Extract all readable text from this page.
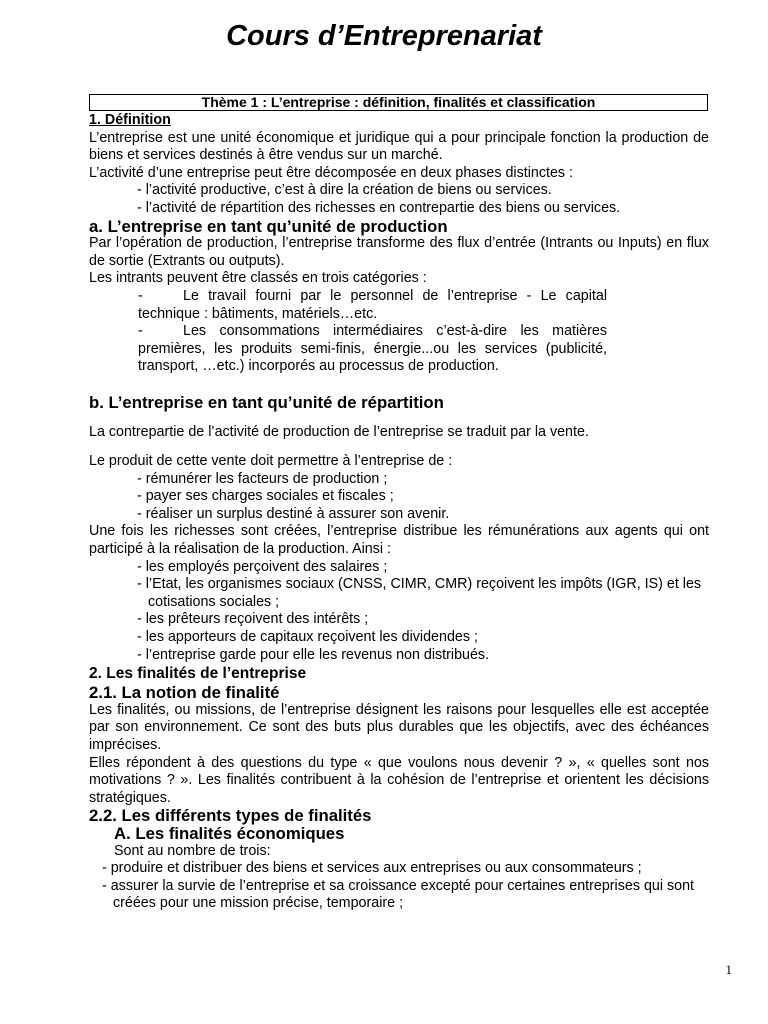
Cours d’Entreprenariat
Thème 1 : L’entreprise : définition, finalités et classification
1. Définition

L’entreprise est une unité économique et juridique qui a pour principale fonction la production de biens et services destinés à être vendus sur un marché.

L’activité d’une entreprise peut être décomposée en deux phases distinctes :

- l’activité productive, c’est à dire la création de biens ou services.
- l’activité de répartition des richesses en contrepartie des biens ou services.
a. L’entreprise en tant qu’unité de production

Par l’opération de production, l’entreprise transforme des flux d’entrée (Intrants ou Inputs) en flux de sortie (Extrants ou outputs).

Les intrants peuvent être classés en trois catégories :

-	Le travail fourni par le personnel de l’entreprise - Le capital technique : bâtiments, matériels…etc.
-	Les consommations intermédiaires c’est-à-dire les matières premières, les produits semi-finis, énergie...ou les services (publicité, transport, …etc.) incorporés au processus de production.
b. L’entreprise en tant qu’unité de répartition

La contrepartie de l’activité de production de l’entreprise se traduit par la vente.

Le produit de cette vente doit permettre à l’entreprise de :

- rémunérer les facteurs de production ;
- payer ses charges sociales et fiscales ;
- réaliser un surplus destiné à assurer son avenir.

Une fois les richesses sont créées, l’entreprise distribue les rémunérations aux agents qui ont participé à la réalisation de la production. Ainsi :

- les employés perçoivent des salaires ;
- l’Etat, les organismes sociaux (CNSS, CIMR, CMR) reçoivent les impôts (IGR, IS) et les cotisations sociales ;
- les prêteurs reçoivent des intérêts ;
- les apporteurs de capitaux reçoivent les dividendes ;
- l’entreprise garde pour elle les revenus non distribués.
2. Les finalités de l’entreprise
2.1. La notion de finalité

Les finalités, ou missions, de l’entreprise désignent les raisons pour lesquelles elle est acceptée par son environnement. Ce sont des buts plus durables que les objectifs, avec des échéances imprécises.

Elles répondent à des questions du type « que voulons nous devenir ? », « quelles sont nos motivations ? ». Les finalités contribuent à la cohésion de l’entreprise et orientent les décisions stratégiques.

2.2. Les différents types de finalités
A. Les finalités économiques

Sont au nombre de trois:

- produire et distribuer des biens et services aux entreprises ou aux consommateurs ;
- assurer la survie de l’entreprise et sa croissance excepté pour certaines entreprises qui sont créées pour une mission précise, temporaire ;
1
